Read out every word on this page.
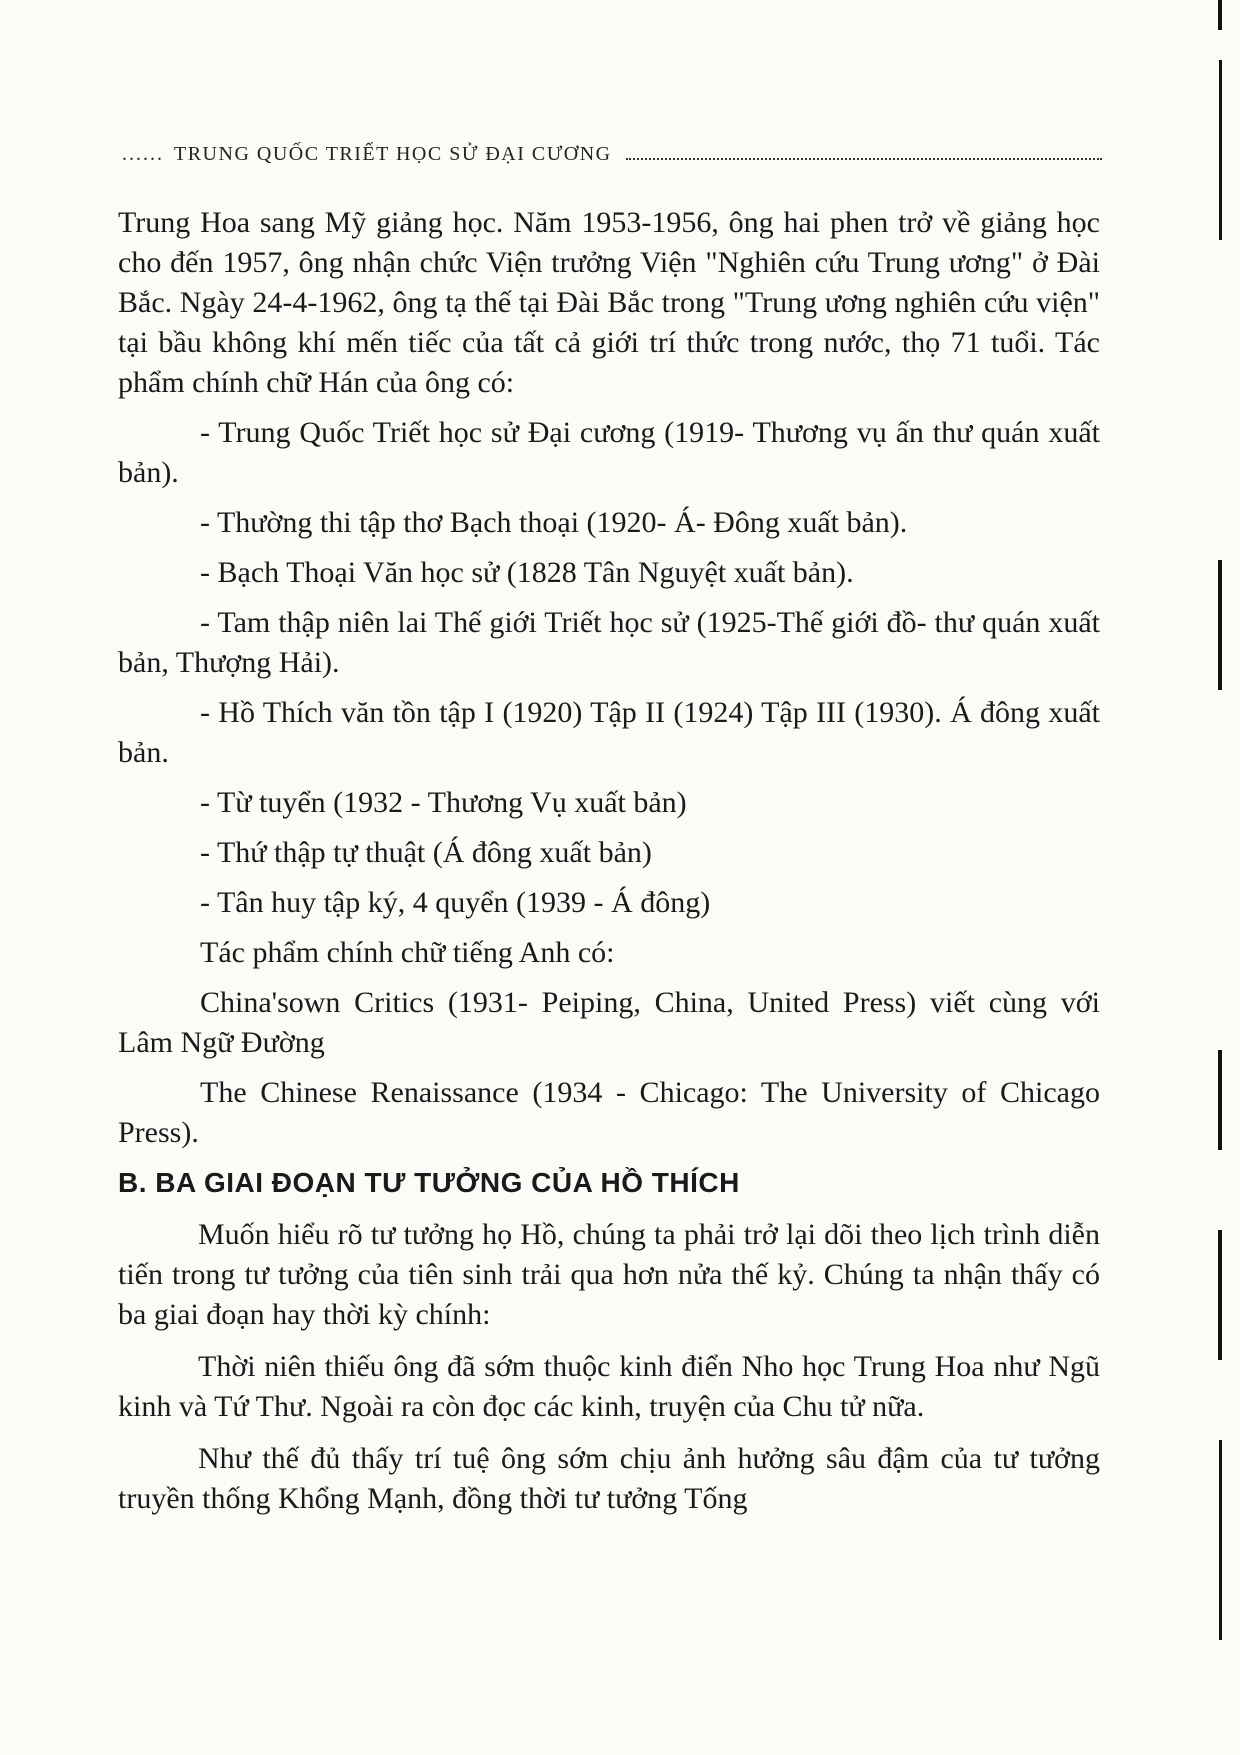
...... TRUNG QUỐC TRIẾT HỌC SỬ ĐẠI CƯƠNG

Trung Hoa sang Mỹ giảng học. Năm 1953-1956, ông hai phen trở về giảng học cho đến 1957, ông nhận chức Viện trưởng Viện "Nghiên cứu Trung ương" ở Đài Bắc. Ngày 24-4-1962, ông tạ thế tại Đài Bắc trong "Trung ương nghiên cứu viện" tại bầu không khí mến tiếc của tất cả giới trí thức trong nước, thọ 71 tuổi. Tác phẩm chính chữ Hán của ông có:

- Trung Quốc Triết học sử Đại cương (1919- Thương vụ ấn thư quán xuất bản).

- Thường thi tập thơ Bạch thoại (1920- Á- Đông xuất bản).

- Bạch Thoại Văn học sử (1828 Tân Nguyệt xuất bản).

- Tam thập niên lai Thế giới Triết học sử (1925-Thế giới đồ- thư quán xuất bản, Thượng Hải).

- Hồ Thích văn tồn tập I (1920) Tập II (1924) Tập III (1930). Á đông xuất bản.

- Từ tuyển (1932 - Thương Vụ xuất bản)

- Thứ thập tự thuật (Á đông xuất bản)

- Tân huy tập ký, 4 quyển (1939 - Á đông)

Tác phẩm chính chữ tiếng Anh có:

China'sown Critics (1931- Peiping, China, United Press) viết cùng với Lâm Ngữ Đường

The Chinese Renaissance (1934 - Chicago: The University of Chicago Press).

B. BA GIAI ĐOẠN TƯ TƯỞNG CỦA HỒ THÍCH

Muốn hiểu rõ tư tưởng họ Hồ, chúng ta phải trở lại dõi theo lịch trình diễn tiến trong tư tưởng của tiên sinh trải qua hơn nửa thế kỷ. Chúng ta nhận thấy có ba giai đoạn hay thời kỳ chính:

Thời niên thiếu ông đã sớm thuộc kinh điển Nho học Trung Hoa như Ngũ kinh và Tứ Thư. Ngoài ra còn đọc các kinh, truyện của Chu tử nữa.

Như thế đủ thấy trí tuệ ông sớm chịu ảnh hưởng sâu đậm của tư tưởng truyền thống Khổng Mạnh, đồng thời tư tưởng Tống
